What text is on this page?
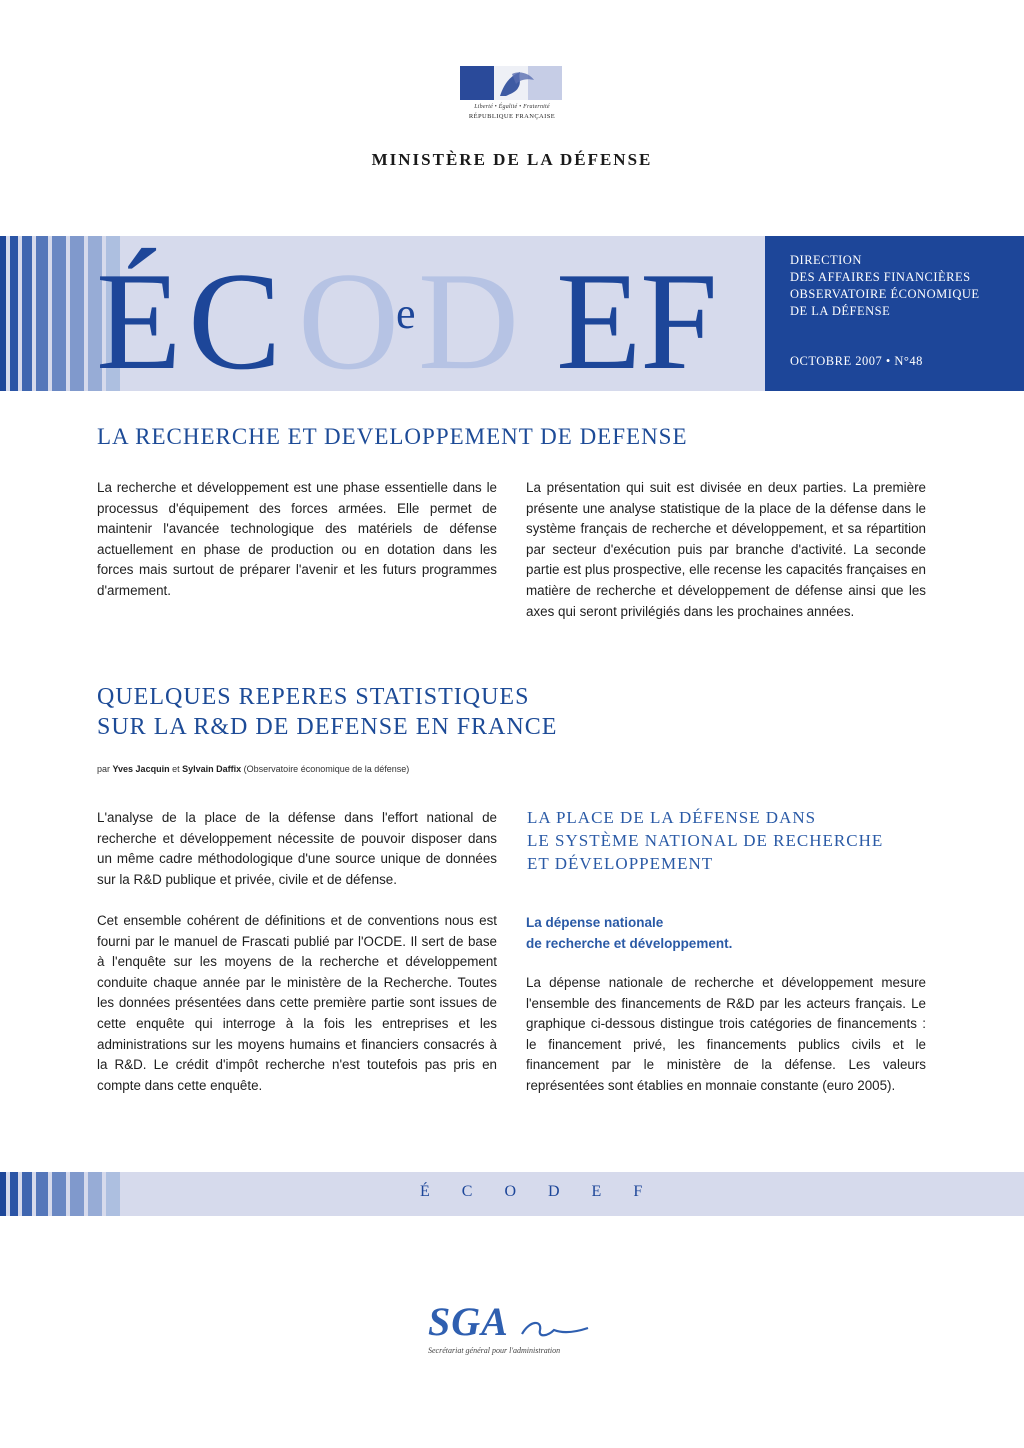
Liberté • Égalité • Fraternité
RÉPUBLIQUE FRANÇAISE
MINISTÈRE DE LA DÉFENSE
É C O
e D E
F	DIRECTION
DES AFFAIRES FINANCIÈRES
OBSERVATOIRE ÉCONOMIQUE
DE LA DÉFENSE
OCTOBRE 2007 • N°48
LA RECHERCHE ET DEVELOPPEMENT DE DEFENSE

La recherche et développement est une phase essentielle dans le processus d'équipement des forces armées. Elle permet de maintenir l'avancée technologique des matériels de défense actuellement en phase de production ou en dotation dans les forces mais surtout de préparer l'avenir et les futurs programmes d'armement.

La présentation qui suit est divisée en deux parties. La première présente une analyse statistique de la place de la défense dans le système français de recherche et développement, et sa répartition par secteur d'exécution puis par branche d'activité. La seconde partie est plus prospective, elle recense les capacités françaises en matière de recherche et développement de défense ainsi que les axes qui seront privilégiés dans les prochaines années.

QUELQUES REPERES STATISTIQUES
SUR LA R&D DE DEFENSE EN FRANCE
par Yves Jacquin et Sylvain Daffix (Observatoire économique de la défense)

L'analyse de la place de la défense dans l'effort national de recherche et développement nécessite de pouvoir disposer dans un même cadre méthodologique d'une source unique de données sur la R&D publique et privée, civile et de défense.

Cet ensemble cohérent de définitions et de conventions nous est fourni par le manuel de Frascati publié par l'OCDE. Il sert de base à l'enquête sur les moyens de la recherche et développement conduite chaque année par le ministère de la Recherche. Toutes les données présentées dans cette première partie sont issues de cette enquête qui interroge à la fois les entreprises et les administrations sur les moyens humains et financiers consacrés à la R&D. Le crédit d'impôt recherche n'est toutefois pas pris en compte dans cette enquête.

LA PLACE DE LA DÉFENSE DANS
LE SYSTÈME NATIONAL DE RECHERCHE
ET DÉVELOPPEMENT
La dépense nationale
de recherche et développement.

La dépense nationale de recherche et développement mesure l'ensemble des financements de R&D par les acteurs français. Le graphique ci-dessous distingue trois catégories de financements : le financement privé, les financements publics civils et le financement par le ministère de la défense. Les valeurs représentées sont établies en monnaie constante (euro 2005).

É C O D E F
SGA
Secrétariat général pour l'administration
